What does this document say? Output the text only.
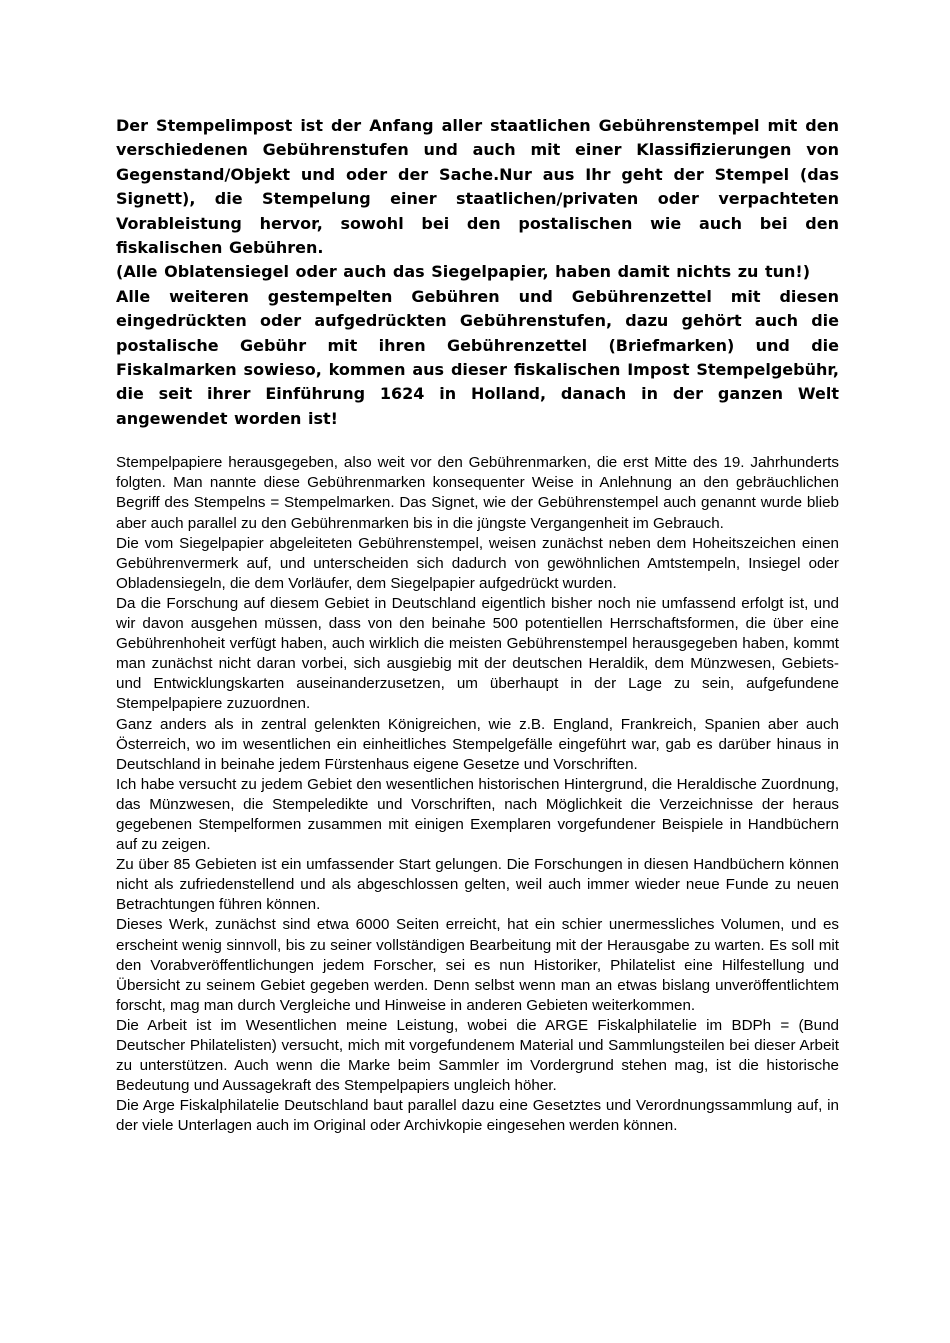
Der Stempelimpost ist der Anfang aller staatlichen Gebührenstempel mit den verschiedenen Gebührenstufen und auch mit einer Klassifizierungen von Gegenstand/Objekt und oder der Sache.Nur aus Ihr geht der Stempel (das Signett), die Stempelung einer staatlichen/privaten oder verpachteten Vorableistung hervor, sowohl bei den postalischen wie auch bei den fiskalischen Gebühren.

(Alle Oblatensiegel oder auch das Siegelpapier, haben damit nichts zu tun!)

Alle weiteren gestempelten Gebühren und Gebührenzettel mit diesen eingedrückten oder aufgedrückten Gebührenstufen, dazu gehört auch die postalische Gebühr mit ihren Gebührenzettel (Briefmarken) und die Fiskalmarken sowieso, kommen aus dieser fiskalischen Impost Stempelgebühr, die seit ihrer Einführung 1624 in Holland, danach in der ganzen Welt angewendet worden ist!

Stempelpapiere herausgegeben, also weit vor den Gebührenmarken, die erst Mitte des 19. Jahrhunderts folgten. Man nannte diese Gebührenmarken konsequenter Weise in Anlehnung an den gebräuchlichen Begriff des Stempelns = Stempelmarken. Das Signet, wie der Gebührenstempel auch genannt wurde blieb aber auch parallel zu den Gebührenmarken bis in die jüngste Vergangenheit im Gebrauch.

Die vom Siegelpapier abgeleiteten Gebührenstempel, weisen zunächst neben dem Hoheitszeichen einen Gebührenvermerk auf, und unterscheiden sich dadurch von gewöhnlichen Amtstempeln, Insiegel oder Obladensiegeln, die dem Vorläufer, dem Siegelpapier aufgedrückt wurden.

Da die Forschung auf diesem Gebiet in Deutschland eigentlich bisher noch nie umfassend erfolgt ist, und wir davon ausgehen müssen, dass von den beinahe 500 potentiellen Herrschaftsformen, die über eine Gebührenhoheit verfügt haben, auch wirklich die meisten Gebührenstempel herausgegeben haben, kommt man zunächst nicht daran vorbei, sich ausgiebig mit der deutschen Heraldik, dem Münzwesen, Gebiets- und Entwicklungskarten auseinanderzusetzen, um überhaupt in der Lage zu sein, aufgefundene Stempelpapiere zuzuordnen.

Ganz anders als in zentral gelenkten Königreichen, wie z.B. England, Frankreich, Spanien aber auch Österreich, wo im wesentlichen ein einheitliches Stempelgefälle eingeführt war, gab es darüber hinaus in Deutschland in beinahe jedem Fürstenhaus eigene Gesetze und Vorschriften.

Ich habe versucht zu jedem Gebiet den wesentlichen historischen Hintergrund, die Heraldische Zuordnung, das Münzwesen, die Stempeledikte und Vorschriften, nach Möglichkeit die Verzeichnisse der heraus gegebenen Stempelformen zusammen mit einigen Exemplaren vorgefundener Beispiele in Handbüchern auf zu zeigen.

Zu über 85 Gebieten ist ein umfassender Start gelungen. Die Forschungen in diesen Handbüchern können nicht als zufriedenstellend und als abgeschlossen gelten, weil auch immer wieder neue Funde zu neuen Betrachtungen führen können.

Dieses Werk, zunächst sind etwa 6000 Seiten erreicht, hat ein schier unermessliches Volumen, und es erscheint wenig sinnvoll, bis zu seiner vollständigen Bearbeitung mit der Herausgabe zu warten. Es soll mit den Vorabveröffentlichungen jedem Forscher, sei es nun Historiker, Philatelist eine Hilfestellung und Übersicht zu seinem Gebiet gegeben werden. Denn selbst wenn man an etwas bislang unveröffentlichtem forscht, mag man durch Vergleiche und Hinweise in anderen Gebieten weiterkommen.

Die Arbeit ist im Wesentlichen meine Leistung, wobei die ARGE Fiskalphilatelie im BDPh = (Bund Deutscher Philatelisten) versucht, mich mit vorgefundenem Material und Sammlungsteilen bei dieser Arbeit zu unterstützen. Auch wenn die Marke beim Sammler im Vordergrund stehen mag, ist die historische Bedeutung und Aussagekraft des Stempelpapiers ungleich höher.

Die Arge Fiskalphilatelie Deutschland baut parallel dazu eine Gesetztes und Verordnungssammlung auf, in der viele Unterlagen auch im Original oder Archivkopie eingesehen werden können.
